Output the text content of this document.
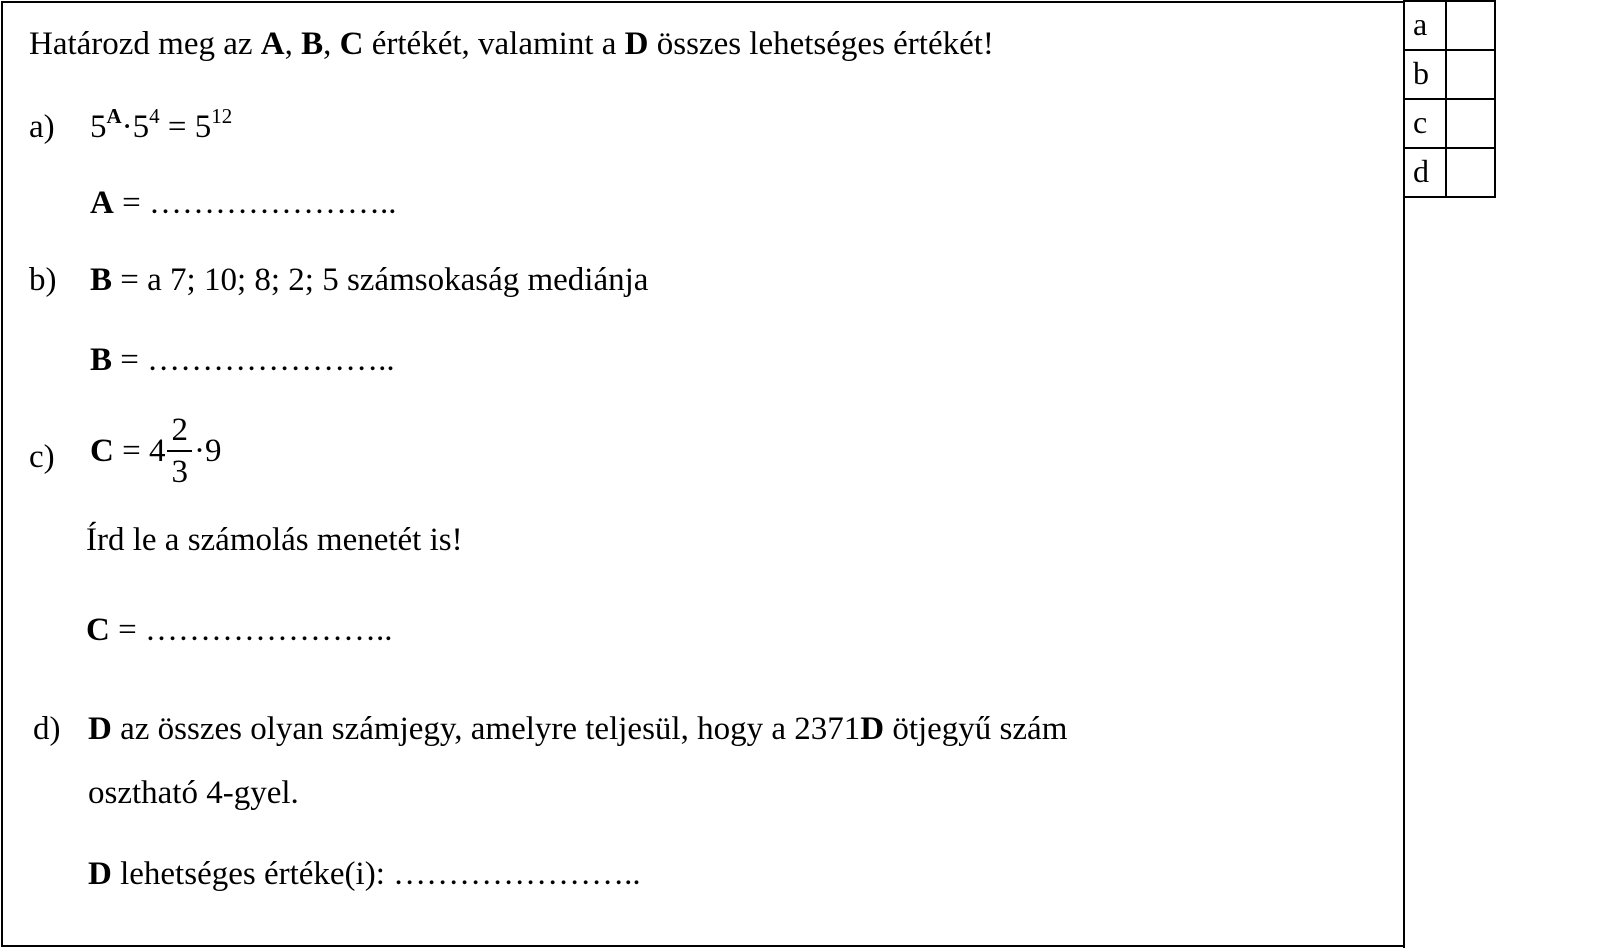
a	
b	
c	
d	
Határozd meg az A, B, C értékét, valamint a D összes lehetséges értékét!
a) $5^A\cdot 5^4 = 5^{12}$
A = …………………..
b) B = a 7; 10; 8; 2; 5 számsokaság mediánja
B = …………………..
c) $C = 4 \frac{2}{3} \cdot 9$
Írd le a számolás menetét is!
C = …………………..
d) D az összes olyan számjegy, amelyre teljesül, hogy a 2371D ötjegyű szám
osztható 4-gyel.
D lehetséges értéke(i): …………………..
